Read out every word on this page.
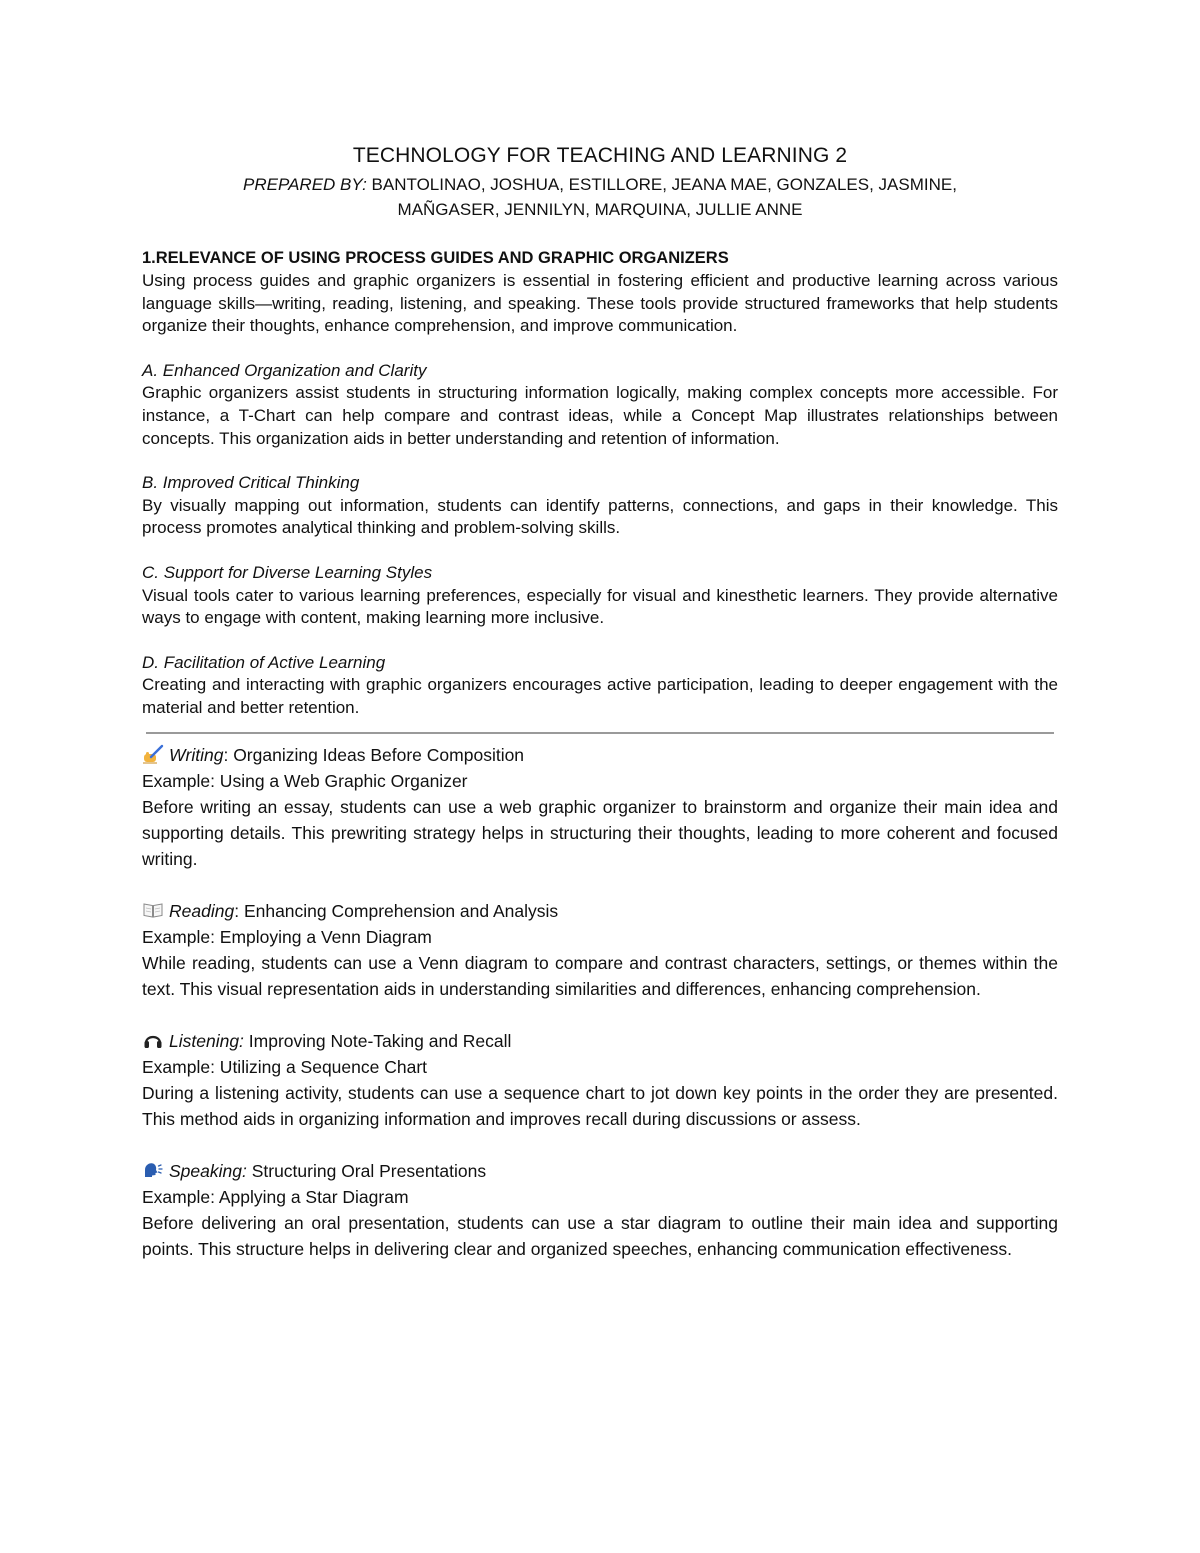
TECHNOLOGY FOR TEACHING AND LEARNING 2

PREPARED BY: BANTOLINAO, JOSHUA, ESTILLORE, JEANA MAE, GONZALES, JASMINE,
MAÑGASER, JENNILYN, MARQUINA, JULLIE ANNE

1.RELEVANCE OF USING PROCESS GUIDES AND GRAPHIC ORGANIZERS

Using process guides and graphic organizers is essential in fostering efficient and productive learning across various language skills—writing, reading, listening, and speaking. These tools provide structured frameworks that help students organize their thoughts, enhance comprehension, and improve communication.

A. Enhanced Organization and Clarity

Graphic organizers assist students in structuring information logically, making complex concepts more accessible. For instance, a T-Chart can help compare and contrast ideas, while a Concept Map illustrates relationships between concepts. This organization aids in better understanding and retention of information.

B. Improved Critical Thinking

By visually mapping out information, students can identify patterns, connections, and gaps in their knowledge. This process promotes analytical thinking and problem-solving skills.

C. Support for Diverse Learning Styles

Visual tools cater to various learning preferences, especially for visual and kinesthetic learners. They provide alternative ways to engage with content, making learning more inclusive.

D. Facilitation of Active Learning

Creating and interacting with graphic organizers encourages active participation, leading to deeper engagement with the material and better retention.

Writing: Organizing Ideas Before Composition

Example: Using a Web Graphic Organizer

Before writing an essay, students can use a web graphic organizer to brainstorm and organize their main idea and supporting details. This prewriting strategy helps in structuring their thoughts, leading to more coherent and focused writing.

Reading: Enhancing Comprehension and Analysis

Example: Employing a Venn Diagram

While reading, students can use a Venn diagram to compare and contrast characters, settings, or themes within the text. This visual representation aids in understanding similarities and differences, enhancing comprehension.

Listening: Improving Note-Taking and Recall

Example: Utilizing a Sequence Chart

During a listening activity, students can use a sequence chart to jot down key points in the order they are presented. This method aids in organizing information and improves recall during discussions or assess.

Speaking: Structuring Oral Presentations

Example: Applying a Star Diagram

Before delivering an oral presentation, students can use a star diagram to outline their main idea and supporting points. This structure helps in delivering clear and organized speeches, enhancing communication effectiveness.
